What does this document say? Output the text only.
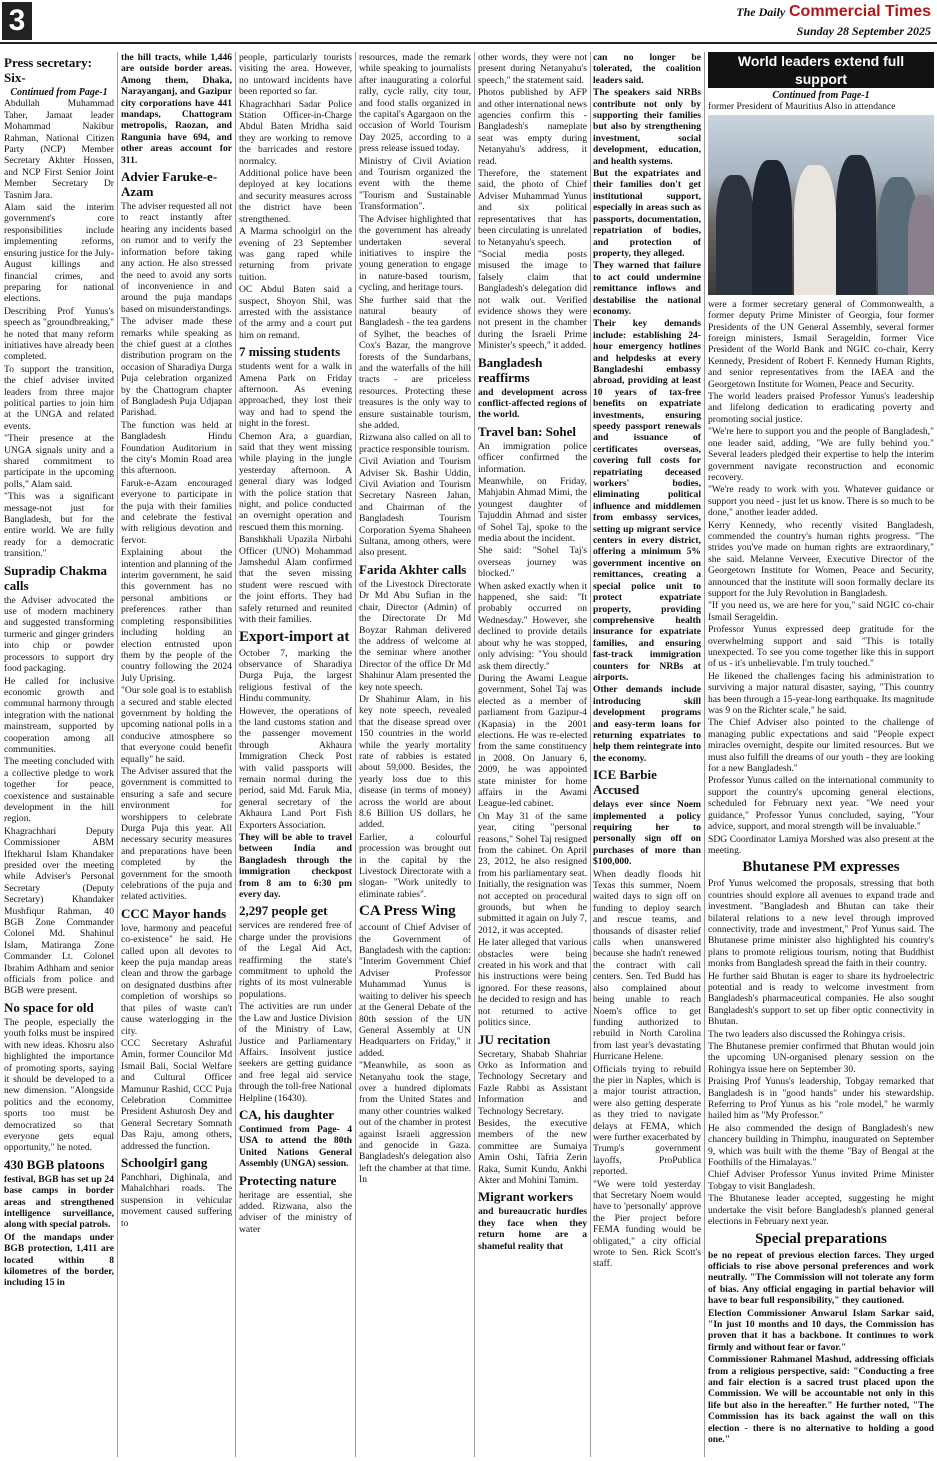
3	The Daily Commercial Times
Sunday 28 September 2025
Press secretary: Six-
Continued from Page-1

Abdullah Muhammad Taher, Jamaat leader Mohammad Nakibur Rahman, National Citizen Party (NCP) Member Secretary Akhter Hossen, and NCP First Senior Joint Member Secretary Dr Tasnim Jara.

Alam said the interim government's core responsibilities include implementing reforms, ensuring justice for the July-August killings and financial crimes, and preparing for national elections.

Describing Prof Yunus's speech as "groundbreaking," he noted that many reform initiatives have already been completed.

To support the transition, the chief adviser invited leaders from three major political parties to join him at the UNGA and related events.

"Their presence at the UNGA signals unity and a shared commitment to participate in the upcoming polls," Alam said.

"This was a significant message-not just for Bangladesh, but for the entire world. We are fully ready for a democratic transition."

Supradip Chakma calls

the Adviser advocated the use of modern machinery and suggested transforming turmeric and ginger grinders into chip or powder processors to support dry food packaging.

He called for inclusive economic growth and communal harmony through integration with the national mainstream, supported by cooperation among all communities.

The meeting concluded with a collective pledge to work together for peace, coexistence and sustainable development in the hill region.

Khagrachhari Deputy Commissioner ABM Iftekharul Islam Khandaker presided over the meeting while Adviser's Personal Secretary (Deputy Secretary) Khandaker Mushfiqur Rahman, 40 BGB Zone Commander Colonel Md. Shahinul Islam, Matiranga Zone Commander Lt. Colonel Ibrahim Adhham and senior officials from police and BGB were present.

No space for old

The people, especially the youth folks must be inspired with new ideas. Khosru also highlighted the importance of promoting sports, saying it should be developed to a new dimension. "Alongside politics and the economy, sports too must be democratized so that everyone gets equal opportunity," he noted.

430 BGB platoons

festival, BGB has set up 24 base camps in border areas and strengthened intelligence surveillance, along with special patrols.

Of the mandaps under BGB protection, 1,411 are located within 8 kilometres of the border, including 15 in

the hill tracts, while 1,446 are outside border areas. Among them, Dhaka, Narayanganj, and Gazipur city corporations have 441 mandaps, Chattogram metropolis, Raozan, and Rangunia have 694, and other areas account for 311.

Advier Faruke-e-Azam

The adviser requested all not to react instantly after hearing any incidents based on rumor and to verify the information before taking any action. He also stressed the need to avoid any sorts of inconvenience in and around the puja mandaps based on misunderstandings.

The adviser made these remarks while speaking as the chief guest at a clothes distribution program on the occasion of Sharadiya Durga Puja celebration organized by the Chattogram chapter of Bangladesh Puja Udjapan Parishad.

The function was held at Bangladesh Hindu Foundation Auditorium in the city's Momin Road area this afternoon.

Faruk-e-Azam encouraged everyone to participate in the puja with their families and celebrate the festival with religious devotion and fervor.

Explaining about the intention and planning of the interim government, he said this government has no personal ambitions or preferences rather than completing responsibilities including holding an election entrusted upon them by the people of the country following the 2024 July Uprising.

"Our sole goal is to establish a secured and stable elected government by holding the upcoming national polls in a conducive atmosphere so that everyone could benefit equally" he said.

The Adviser assured that the government is committed to ensuring a safe and secure environment for worshippers to celebrate Durga Puja this year. All necessary security measures and preparations have been completed by the government for the smooth celebrations of the puja and related activities.

CCC Mayor hands

love, harmony and peaceful co-existence" he said. He called upon all devotes to keep the puja mandap areas clean and throw the garbage on designated dustbins after completion of worships so that piles of waste can't cause waterlogging in the city.

CCC Secretary Ashraful Amin, former Councilor Md Ismail Bali, Social Welfare and Cultural Officer Mamunur Rashid, CCC Puja Celebration Committee President Ashutosh Dey and General Secretary Somnath Das Raju, among others, addressed the function.

Schoolgirl gang

Panchhari, Dighinala, and Mahalchhari roads. The suspension in vehicular movement caused suffering to

people, particularly tourists visiting the area. However, no untoward incidents have been reported so far.

Khagrachhari Sadar Police Station Officer-in-Charge Abdul Baten Mridha said they are working to remove the barricades and restore normalcy.

Additional police have been deployed at key locations and security measures across the district have been strengthened.

A Marma schoolgirl on the evening of 23 September was gang raped while returning from private tuition.

OC Abdul Baten said a suspect, Shoyon Shil, was arrested with the assistance of the army and a court put him on remand.

7 missing students

students went for a walk in Amena Park on Friday afternoon. As evening approached, they lost their way and had to spend the night in the forest.

Chemon Ara, a guardian, said that they went missing while playing in the jungle yesterday afternoon. A general diary was lodged with the police station that night, and police conducted an overnight operation and rescued them this morning.

Banshkhali Upazila Nirbahi Officer (UNO) Mohammad Jamshedul Alam confirmed that the seven missing student were rescued with the joint efforts. They had safely returned and reunited with their families.

Export-import at

October 7, marking the observance of Sharadiya Durga Puja, the largest religious festival of the Hindu community.

However, the operations of the land customs station and the passenger movement through Akhaura Immigration Check Post with valid passports will remain normal during the period, said Md. Faruk Mia, general secretary of the Akhaura Land Port Fish Exporters Association.

They will be able to travel between India and Bangladesh through the immigration checkpost from 8 am to 6:30 pm every day.

2,297 people get

services are rendered free of charge under the provisions of the Legal Aid Act, reaffirming the state's commitment to uphold the rights of its most vulnerable populations.

The activities are run under the Law and Justice Division of the Ministry of Law, Justice and Parliamentary Affairs. Insolvent justice seekers are getting guidance and free legal aid service through the toll-free National Helpline (16430).

CA, his daughter

Continued from Page- 4 USA to attend the 80th United Nations General Assembly (UNGA) session.

Protecting nature

heritage are essential, she added. Rizwana, also the adviser of the ministry of water

resources, made the remark while speaking to journalists after inaugurating a colorful rally, cycle rally, city tour, and food stalls organized in the capital's Agargaon on the occasion of World Tourism Day 2025, according to a press release issued today.

Ministry of Civil Aviation and Tourism organized the event with the theme "Tourism and Sustainable Transformation".

The Adviser highlighted that the government has already undertaken several initiatives to inspire the young generation to engage in nature-based tourism, cycling, and heritage tours.

She further said that the natural beauty of Bangladesh - the tea gardens of Sylhet, the beaches of Cox's Bazar, the mangrove forests of the Sundarbans, and the waterfalls of the hill tracts - are priceless resources. Protecting these treasures is the only way to ensure sustainable tourism, she added.

Rizwana also called on all to practice responsible tourism.

Civil Aviation and Tourism Adviser Sk. Bashir Uddin, Civil Aviation and Tourism Secretary Nasreen Jahan, and Chairman of the Bangladesh Tourism Corporation Syema Shaheen Sultana, among others, were also present.

Farida Akhter calls

of the Livestock Directorate Dr Md Abu Sufian in the chair, Director (Admin) of the Directorate Dr Md Boyzar Rahman delivered the address of welcome at the seminar where another Director of the office Dr Md Shahinur Alam presented the key note speech.

Dr Shahinur Alam, in his key note speech, revealed that the disease spread over 150 countries in the world while the yearly mortality rate of rabbies is estated about 59,000. Besides, the yearly loss due to this disease (in terms of money) across the world are about 8.6 Billion US dollars, he added.

Earlier, a colourful procession was brought out in the capital by the Livestock Directorate with a slogan- "Work unitedly to eliminate rabies".

CA Press Wing

account of Chief Adviser of the Government of Bangladesh with the caption: "Interim Government Chief Adviser Professor Muhammad Yunus is waiting to deliver his speech at the General Debate of the 80th session of the UN General Assembly at UN Headquarters on Friday," it added.

"Meanwhile, as soon as Netanyahu took the stage, over a hundred diplomats from the United States and many other countries walked out of the chamber in protest against Israeli aggression and genocide in Gaza. Bangladesh's delegation also left the chamber at that time. In

other words, they were not present during Netanyahu's speech," the statement said.

Photos published by AFP and other international news agencies confirm this - Bangladesh's nameplate seat was empty during Netanyahu's address, it read.

Therefore, the statement said, the photo of Chief Adviser Muhammad Yunus and six political representatives that has been circulating is unrelated to Netanyahu's speech.

"Social media posts misused the image to falsely claim that Bangladesh's delegation did not walk out. Verified evidence shows they were not present in the chamber during the Israeli Prime Minister's speech," it added.

Bangladesh reaffirms

and development across conflict-affected regions of the world.

Travel ban: Sohel

An immigration police officer confirmed the information.

Meanwhile, on Friday, Mahjabin Ahmad Mimi, the youngest daughter of Tajuddin Ahmad and sister of Sohel Taj, spoke to the media about the incident.

She said: "Sohel Taj's overseas journey was blocked."

When asked exactly when it happened, she said: "It probably occurred on Wednesday." However, she declined to provide details about why he was stopped, only advising: "You should ask them directly."

During the Awami League government, Sohel Taj was elected as a member of parliament from Gazipur-4 (Kapasia) in the 2001 elections. He was re-elected from the same constituency in 2008. On January 6, 2009, he was appointed state minister for home affairs in the Awami League-led cabinet.

On May 31 of the same year, citing "personal reasons," Sohel Taj resigned from the cabinet. On April 23, 2012, he also resigned from his parliamentary seat. Initially, the resignation was not accepted on procedural grounds, but when he submitted it again on July 7, 2012, it was accepted.

He later alleged that various obstacles were being created in his work and that his instructions were being ignored. For these reasons, he decided to resign and has not returned to active politics since.

JU recitation

Secretary, Shabab Shahriar Orko as Information and Technology Secretary and Fazle Rabbi as Assistant Information and Technology Secretary.

Besides, the executive members of the new committee are Sumaiya Amin Oshi, Tafria Zerin Raka, Sumit Kundu, Ankhi Akter and Mohini Tamim.

Migrant workers

and bureaucratic hurdles they face when they return home are a shameful reality that

can no longer be tolerated, the coalition leaders said.

The speakers said NRBs contribute not only by supporting their families but also by strengthening investment, social development, education, and health systems.

But the expatriates and their families don't get institutional support, especially in areas such as passports, documentation, repatriation of bodies, and protection of property, they alleged.

They warned that failure to act could undermine remittance inflows and destabilise the national economy.

Their key demands include: establishing 24-hour emergency hotlines and helpdesks at every Bangladeshi embassy abroad, providing at least 10 years of tax-free benefits on expatriate investments, ensuring speedy passport renewals and issuance of certificates overseas, covering full costs for repatriating deceased workers' bodies, eliminating political influence and middlemen from embassy services, setting up migrant service centers in every district, offering a minimum 5% government incentive on remittances, creating a special police unit to protect expatriate property, providing comprehensive health insurance for expatriate families, and ensuring fast-track immigration counters for NRBs at airports.

Other demands include introducing skill development programs and easy-term loans for returning expatriates to help them reintegrate into the economy.

ICE Barbie Accused

delays ever since Noem implemented a policy requiring her to personally sign off on purchases of more than $100,000.

When deadly floods hit Texas this summer, Noem waited days to sign off on funding to deploy search and rescue teams, and thousands of disaster relief calls when unanswered because she hadn't renewed the contract with call centers. Sen. Ted Budd has also complained about being unable to reach Noem's office to get funding authorized to rebuild in North Carolina from last year's devastating Hurricane Helene.

Officials trying to rebuild the pier in Naples, which is a major tourist attraction, were also getting desperate as they tried to navigate delays at FEMA, which were further exacerbated by Trump's government layoffs, ProPublica reported.

"We were told yesterday that Secretary Noem would have to 'personally' approve the Pier project before FEMA funding would be obligated," a city official wrote to Sen. Rick Scott's staff.

World leaders extend full support
Continued from Page-1

former President of Mauritius Also in attendance

were a former secretary general of Commonwealth, a former deputy Prime Minister of Georgia, four former Presidents of the UN General Assembly, several former foreign ministers, Ismail Serageldin, former Vice President of the World Bank and NGIC co-chair, Kerry Kennedy, President of Robert F. Kennedy Human Rights, and senior representatives from the IAEA and the Georgetown Institute for Women, Peace and Security.

The world leaders praised Professor Yunus's leadership and lifelong dedication to eradicating poverty and promoting social justice.

"We're here to support you and the people of Bangladesh," one leader said, adding, "We are fully behind you." Several leaders pledged their expertise to help the interim government navigate reconstruction and economic recovery.

"We're ready to work with you. Whatever guidance or support you need - just let us know. There is so much to be done," another leader added.

Kerry Kennedy, who recently visited Bangladesh, commended the country's human rights progress. "The strides you've made on human rights are extraordinary," she said. Melanne Verveer, Executive Director of the Georgetown Institute for Women, Peace and Security, announced that the institute will soon formally declare its support for the July Revolution in Bangladesh.

"If you need us, we are here for you," said NGIC co-chair Ismail Serageldin.

Professor Yunus expressed deep gratitude for the overwhelming support and said "This is totally unexpected. To see you come together like this in support of us - it's unbelievable. I'm truly touched."

He likened the challenges facing his administration to surviving a major natural disaster, saying, "This country has been through a 15-year-long earthquake. Its magnitude was 9 on the Richter scale," he said.

The Chief Adviser also pointed to the challenge of managing public expectations and said "People expect miracles overnight, despite our limited resources. But we must also fulfill the dreams of our youth - they are looking for a new Bangladesh."

Professor Yunus called on the international community to support the country's upcoming general elections, scheduled for February next year. "We need your guidance," Professor Yunus concluded, saying, "Your advice, support, and moral strength will be invaluable."

SDG Coordinator Lamiya Morshed was also present at the meeting.

Bhutanese PM expresses

Prof Yunus welcomed the proposals, stressing that both countries should explore all avenues to expand trade and investment. "Bangladesh and Bhutan can take their bilateral relations to a new level through improved connectivity, trade and investment," Prof Yunus said. The Bhutanese prime minister also highlighted his country's plans to promote religious tourism, noting that Buddhist monks from Bangladesh spread the faith in their country.

He further said Bhutan is eager to share its hydroelectric potential and is ready to welcome investment from Bangladesh's pharmaceutical companies. He also sought Bangladesh's support to set up fiber optic connectivity in Bhutan.

The two leaders also discussed the Rohingya crisis.

The Bhutanese premier confirmed that Bhutan would join the upcoming UN-organised plenary session on the Rohingya issue here on September 30.

Praising Prof Yunus's leadership, Tobgay remarked that Bangladesh is in "good hands" under his stewardship. Referring to Prof Yunus as his "role model," he warmly hailed him as "My Professor."

He also commended the design of Bangladesh's new chancery building in Thimphu, inaugurated on September 9, which was built with the theme "Bay of Bengal at the Foothills of the Himalayas."

Chief Adviser Professor Yunus invited Prime Minister Tobgay to visit Bangladesh.

The Bhutanese leader accepted, suggesting he might undertake the visit before Bangladesh's planned general elections in February next year.

Special preparations

be no repeat of previous election farces. They urged officials to rise above personal preferences and work neutrally. "The Commission will not tolerate any form of bias. Any official engaging in partial behavior will have to bear full responsibility," they cautioned.

Election Commissioner Anwarul Islam Sarkar said, "In just 10 months and 10 days, the Commission has proven that it has a backbone. It continues to work firmly and without fear or favor."

Commissioner Rahmanel Mashud, addressing officials from a religious perspective, said: "Conducting a free and fair election is a sacred trust placed upon the Commission. We will be accountable not only in this life but also in the hereafter." He further noted, "The Commission has its back against the wall on this election - there is no alternative to holding a good one."
